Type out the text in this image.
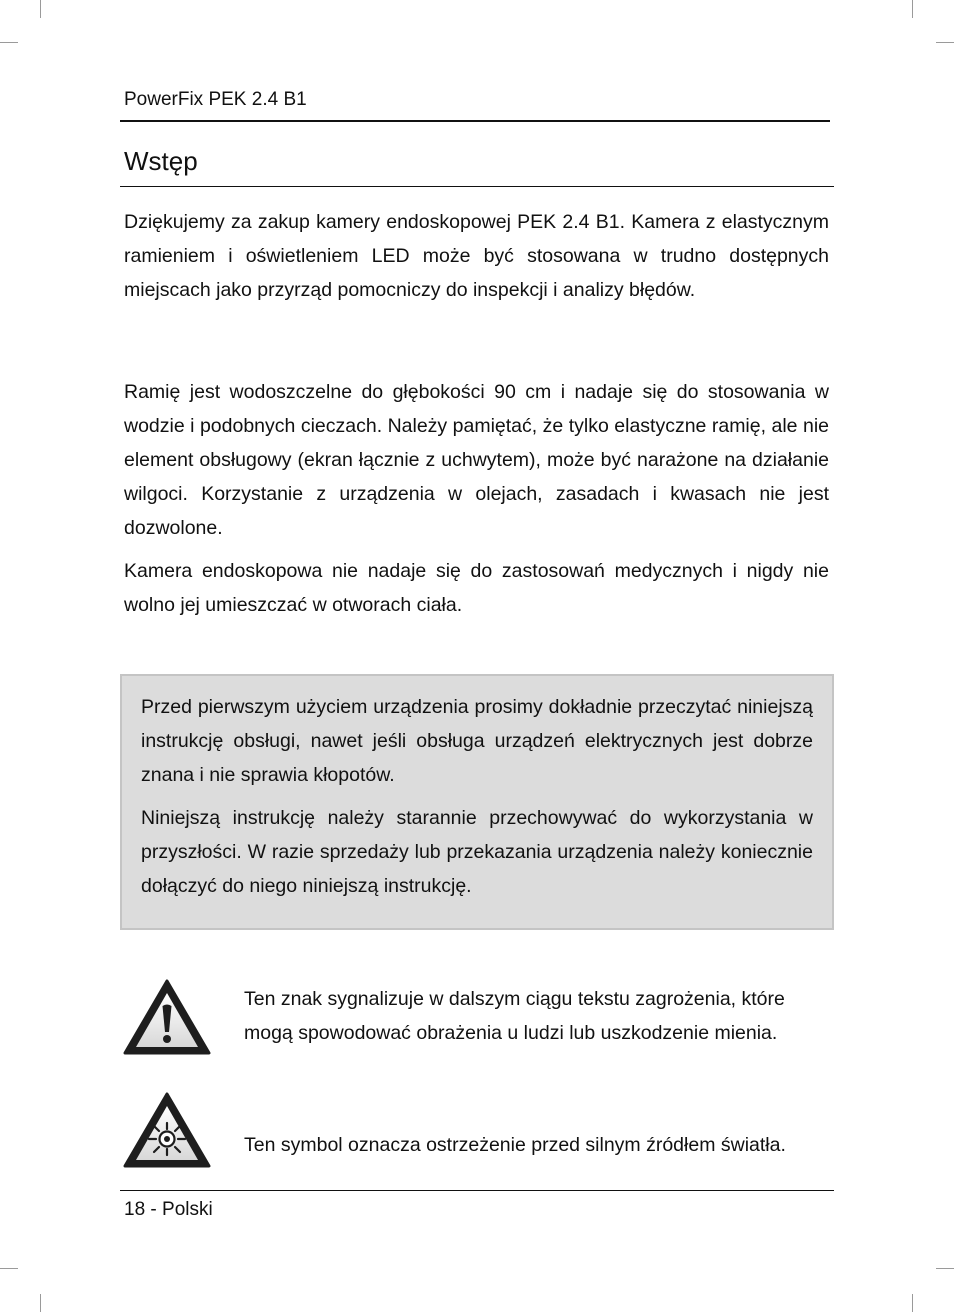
PowerFix PEK 2.4 B1
Wstęp

Dziękujemy za zakup kamery endoskopowej PEK 2.4 B1. Kamera z elastycznym ramieniem i oświetleniem LED może być stosowana w trudno dostępnych miejscach jako przyrząd pomocniczy do inspekcji i analizy błędów.

Ramię jest wodoszczelne do głębokości 90 cm i nadaje się do stosowania w wodzie i podobnych cieczach. Należy pamiętać, że tylko elastyczne ramię, ale nie element obsługowy (ekran łącznie z uchwytem), może być narażone na działanie wilgoci. Korzystanie z urządzenia w olejach, zasadach i kwasach nie jest dozwolone.

Kamera endoskopowa nie nadaje się do zastosowań medycznych i nigdy nie wolno jej umieszczać w otworach ciała.

Przed pierwszym użyciem urządzenia prosimy dokładnie przeczytać niniejszą instrukcję obsługi, nawet jeśli obsługa urządzeń elektrycznych jest dobrze znana i nie sprawia kłopotów.

Niniejszą instrukcję należy starannie przechowywać do wykorzystania w przyszłości. W razie sprzedaży lub przekazania urządzenia należy koniecznie dołączyć do niego niniejszą instrukcję.

Ten znak sygnalizuje w dalszym ciągu tekstu zagrożenia, które mogą spowodować obrażenia u ludzi lub uszkodzenie mienia.

Ten symbol oznacza ostrzeżenie przed silnym źródłem światła.

18 - Polski
